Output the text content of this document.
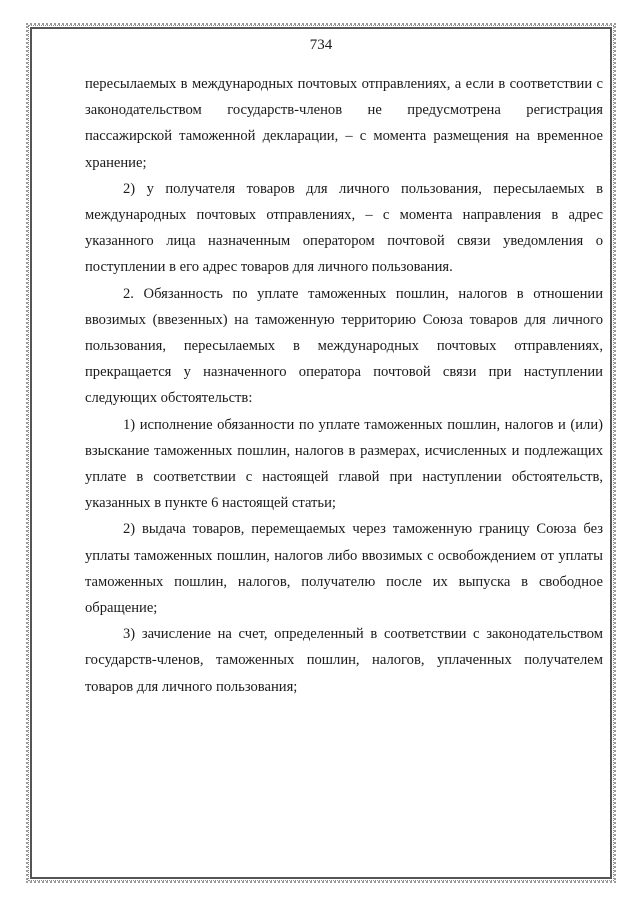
734

пересылаемых в международных почтовых отправлениях, а если в соответствии с законодательством государств-членов не предусмотрена регистрация пассажирской таможенной декларации, – с момента размещения на временное хранение;

2) у получателя товаров для личного пользования, пересылаемых в международных почтовых отправлениях, – с момента направления в адрес указанного лица назначенным оператором почтовой связи уведомления о поступлении в его адрес товаров для личного пользования.

2. Обязанность по уплате таможенных пошлин, налогов в отношении ввозимых (ввезенных) на таможенную территорию Союза товаров для личного пользования, пересылаемых в международных почтовых отправлениях, прекращается у назначенного оператора почтовой связи при наступлении следующих обстоятельств:

1) исполнение обязанности по уплате таможенных пошлин, налогов и (или) взыскание таможенных пошлин, налогов в размерах, исчисленных и подлежащих уплате в соответствии с настоящей главой при наступлении обстоятельств, указанных в пункте 6 настоящей статьи;

2) выдача товаров, перемещаемых через таможенную границу Союза без уплаты таможенных пошлин, налогов либо ввозимых с освобождением от уплаты таможенных пошлин, налогов, получателю после их выпуска в свободное обращение;

3) зачисление на счет, определенный в соответствии с законодательством государств-членов, таможенных пошлин, налогов, уплаченных получателем товаров для личного пользования;
